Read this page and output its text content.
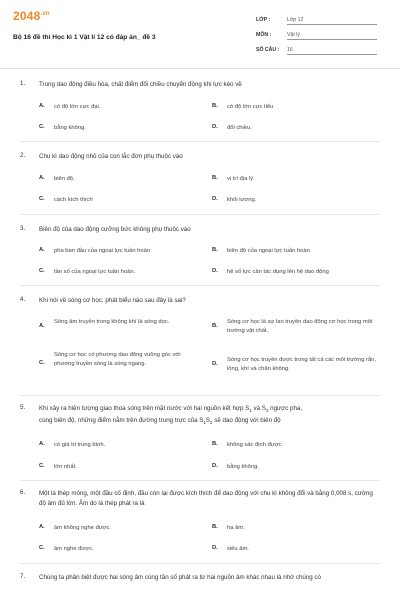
$2048^{.vn}$
Bộ 16 đề thi Học kì 1 Vật lí 12 có đáp án_ đề 3
LỚP :	Lớp 12
MÔN :	Vật lý
SỐ CÂU :	16
1. Trong dao động điều hòa, chất điểm đổi chiều chuyển động khi lực kéo về
A. có độ lớn cực đại.	B. có độ lớn cực tiểu
C. bằng không.	D. đổi chiều.
2. Chu kì dao động nhỏ của con lắc đơn phụ thuộc vào
A. biên độ.	B. vị trí địa lý
C. cách kích thích	D. khối lượng.
3. Biên độ của dao động cưỡng bức không phụ thuộc vào
A. pha ban đầu của ngoại lực tuần hoàn	B. biên độ của ngoại lực tuần hoàn
C. tần số của ngoại lực tuần hoàn.	D. hệ số lực cản tác dụng lên hệ dao động
4. Khi nói về sóng cơ học, phát biểu nào sau đây là sai?
A.
Sóng âm truyền trong không khí là sóng dọc.
B.
Sóng cơ học là sự lan truyền dao động cơ học trong môi trường vật chất.
C.
Sóng cơ học có phương dao động vuông góc với phương truyền sóng là sóng ngang.	D.
Sóng cơ học truyền được trong tất cả các môi trường rắn, lỏng, khí và chân không.
5. Khi xảy ra hiện tượng giao thoa sóng trên mặt nước với hai nguồn kết hợp $S_1$ và $S_2$ ngược pha,
cùng biên độ, những điểm nằm trên đường trung trực của $S_1S_2$ sẽ dao động với biên độ
A. có giá trị trung bình.	B. không xác định được.
C. lớn nhất.	D. bằng không.
6. Một lá thép mỏng, một đầu cố định, đầu còn lại được kích thích để dao động với chu kì không đổi và bằng 0,008 s, cường độ âm đủ lớn. Âm do lá thép phát ra là
A. âm không nghe được.	B. hạ âm.
C. âm nghe được.	D. siêu âm.
7. Chúng ta phân biệt được hai sóng âm cùng tần số phát ra từ hai nguồn âm khác nhau là nhờ chúng có
